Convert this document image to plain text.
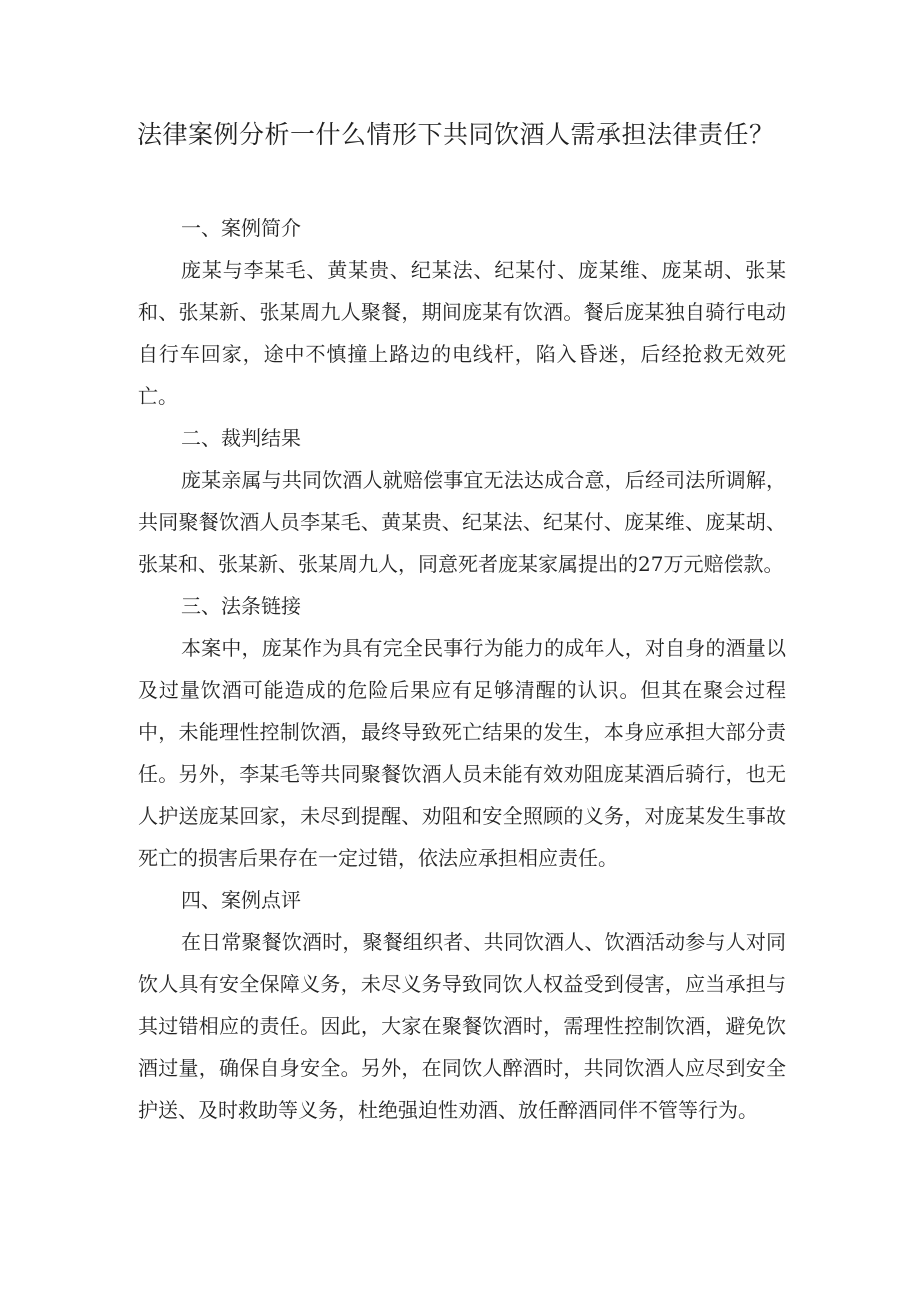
法律案例分析一什么情形下共同饮酒人需承担法律责任？
一、案例简介

庞某与李某毛、黄某贵、纪某法、纪某付、庞某维、庞某胡、张某和、张某新、张某周九人聚餐，期间庞某有饮酒。餐后庞某独自骑行电动自行车回家，途中不慎撞上路边的电线杆，陷入昏迷，后经抢救无效死亡。

二、裁判结果

庞某亲属与共同饮酒人就赔偿事宜无法达成合意，后经司法所调解，共同聚餐饮酒人员李某毛、黄某贵、纪某法、纪某付、庞某维、庞某胡、张某和、张某新、张某周九人，同意死者庞某家属提出的27万元赔偿款。

三、法条链接

本案中，庞某作为具有完全民事行为能力的成年人，对自身的酒量以及过量饮酒可能造成的危险后果应有足够清醒的认识。但其在聚会过程中，未能理性控制饮酒，最终导致死亡结果的发生，本身应承担大部分责任。另外，李某毛等共同聚餐饮酒人员未能有效劝阻庞某酒后骑行，也无人护送庞某回家，未尽到提醒、劝阻和安全照顾的义务，对庞某发生事故死亡的损害后果存在一定过错，依法应承担相应责任。

四、案例点评

在日常聚餐饮酒时，聚餐组织者、共同饮酒人、饮酒活动参与人对同饮人具有安全保障义务，未尽义务导致同饮人权益受到侵害，应当承担与其过错相应的责任。因此，大家在聚餐饮酒时，需理性控制饮酒，避免饮酒过量，确保自身安全。另外，在同饮人醉酒时，共同饮酒人应尽到安全护送、及时救助等义务，杜绝强迫性劝酒、放任醉酒同伴不管等行为。
